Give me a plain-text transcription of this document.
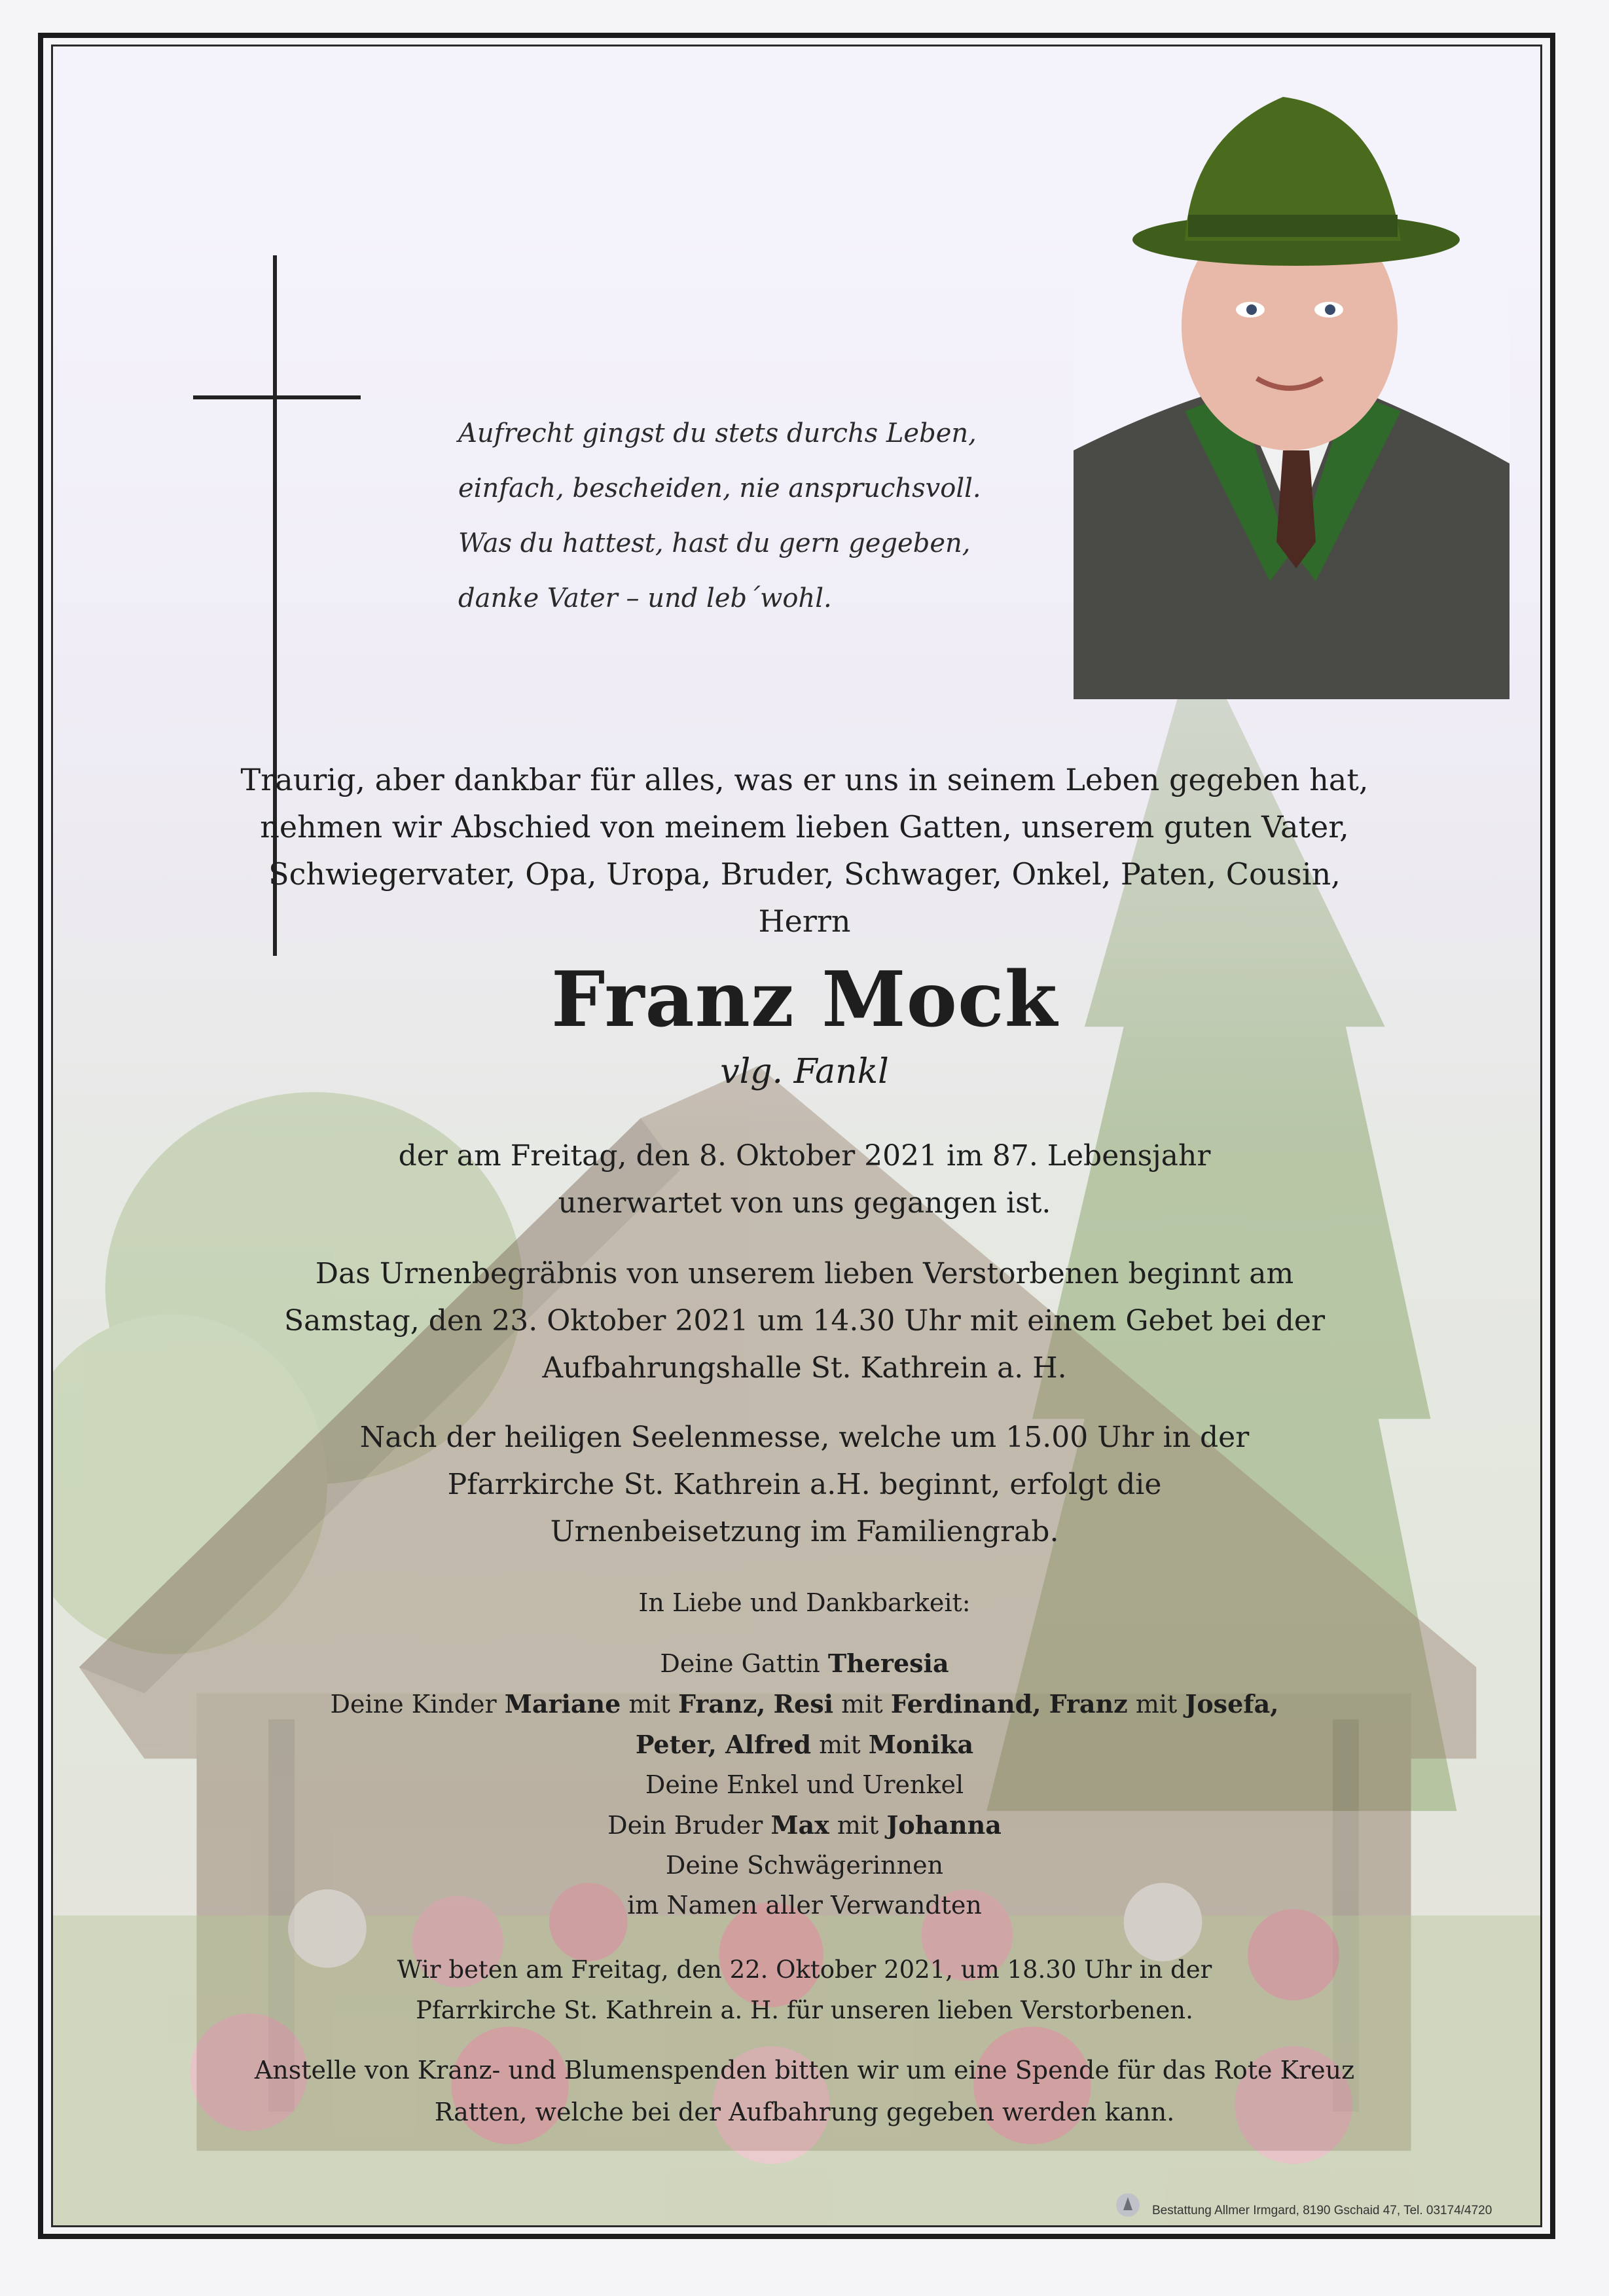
Aufrecht gingst du stets durchs Leben,
einfach, bescheiden, nie anspruchsvoll.
Was du hattest, hast du gern gegeben,
danke Vater – und leb´wohl.
Traurig, aber dankbar für alles, was er uns in seinem Leben gegeben hat,
nehmen wir Abschied von meinem lieben Gatten, unserem guten Vater,
Schwiegervater, Opa, Uropa, Bruder, Schwager, Onkel, Paten, Cousin,
Herrn
Franz Mock
vlg. Fankl
der am Freitag, den 8. Oktober 2021 im 87. Lebensjahr
unerwartet von uns gegangen ist.
Das Urnenbegräbnis von unserem lieben Verstorbenen beginnt am
Samstag, den 23. Oktober 2021 um 14.30 Uhr mit einem Gebet bei der
Aufbahrungshalle St. Kathrein a. H.
Nach der heiligen Seelenmesse, welche um 15.00 Uhr in der
Pfarrkirche St. Kathrein a.H. beginnt, erfolgt die
Urnenbeisetzung im Familiengrab.
In Liebe und Dankbarkeit:
Deine Gattin Theresia
Deine Kinder Mariane mit Franz, Resi mit Ferdinand, Franz mit Josefa,
Peter, Alfred mit Monika
Deine Enkel und Urenkel
Dein Bruder Max mit Johanna
Deine Schwägerinnen
im Namen aller Verwandten
Wir beten am Freitag, den 22. Oktober 2021, um 18.30 Uhr in der
Pfarrkirche St. Kathrein a. H. für unseren lieben Verstorbenen.
Anstelle von Kranz- und Blumenspenden bitten wir um eine Spende für das Rote Kreuz
Ratten, welche bei der Aufbahrung gegeben werden kann.
Bestattung Allmer Irmgard, 8190 Gschaid 47, Tel. 03174/4720
